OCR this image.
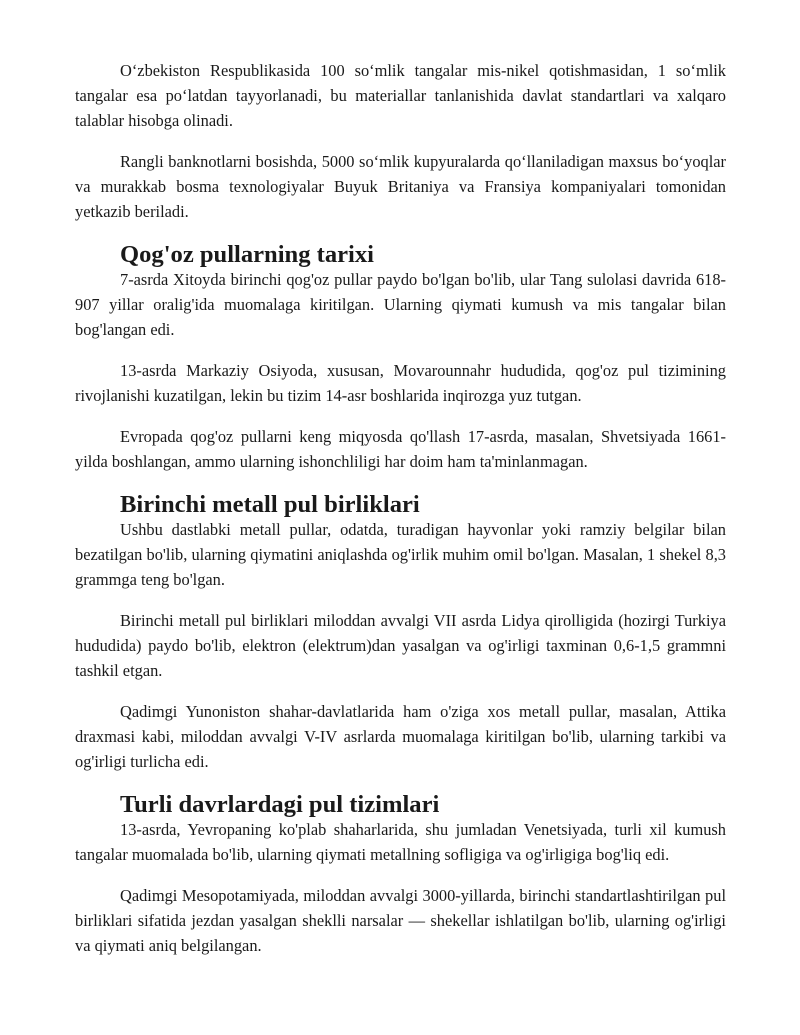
O‘zbekiston Respublikasida 100 so‘mlik tangalar mis-nikel qotishmasidan, 1 so‘mlik tangalar esa po‘latdan tayyorlanadi, bu materiallar tanlanishida davlat standartlari va xalqaro talablar hisobga olinadi.

Rangli banknotlarni bosishda, 5000 so‘mlik kupyuralarda qo‘llaniladigan maxsus bo‘yoqlar va murakkab bosma texnologiyalar Buyuk Britaniya va Fransiya kompaniyalari tomonidan yetkazib beriladi.

Qog'oz pullarning tarixi

7-asrda Xitoyda birinchi qog'oz pullar paydo bo'lgan bo'lib, ular Tang sulolasi davrida 618-907 yillar oralig'ida muomalaga kiritilgan. Ularning qiymati kumush va mis tangalar bilan bog'langan edi.

13-asrda Markaziy Osiyoda, xususan, Movarounnahr hududida, qog'oz pul tizimining rivojlanishi kuzatilgan, lekin bu tizim 14-asr boshlarida inqirozga yuz tutgan.

Evropada qog'oz pullarni keng miqyosda qo'llash 17-asrda, masalan, Shvetsiyada 1661-yilda boshlangan, ammo ularning ishonchliligi har doim ham ta'minlanmagan.

Birinchi metall pul birliklari

Ushbu dastlabki metall pullar, odatda, turadigan hayvonlar yoki ramziy belgilar bilan bezatilgan bo'lib, ularning qiymatini aniqlashda og'irlik muhim omil bo'lgan. Masalan, 1 shekel 8,3 grammga teng bo'lgan.

Birinchi metall pul birliklari miloddan avvalgi VII asrda Lidya qirolligida (hozirgi Turkiya hududida) paydo bo'lib, elektron (elektrum)dan yasalgan va og'irligi taxminan 0,6-1,5 grammni tashkil etgan.

Qadimgi Yunoniston shahar-davlatlarida ham o'ziga xos metall pullar, masalan, Attika draxmasi kabi, miloddan avvalgi V-IV asrlarda muomalaga kiritilgan bo'lib, ularning tarkibi va og'irligi turlicha edi.

Turli davrlardagi pul tizimlari

13-asrda, Yevropaning ko'plab shaharlarida, shu jumladan Venetsiyada, turli xil kumush tangalar muomalada bo'lib, ularning qiymati metallning sofligiga va og'irligiga bog'liq edi.

Qadimgi Mesopotamiyada, miloddan avvalgi 3000-yillarda, birinchi standartlashtirilgan pul birliklari sifatida jezdan yasalgan sheklli narsalar — shekellar ishlatilgan bo'lib, ularning og'irligi va qiymati aniq belgilangan.
